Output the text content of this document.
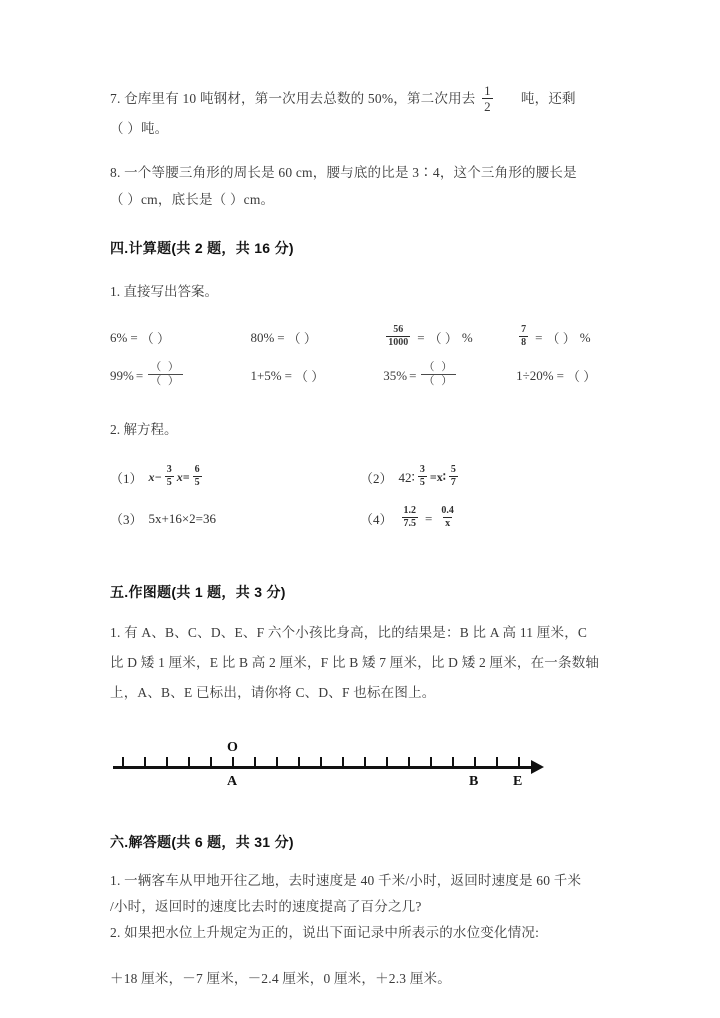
7. 仓库里有 10 吨钢材，第一次用去总数的 50%，第二次用去 $\frac{1}{2}$ 吨，还剩
（ ）吨。
8. 一个等腰三角形的周长是 60 cm，腰与底的比是 3∶4，这个三角形的腰长是
（ ）cm，底长是（ ）cm。
四.计算题(共 2 题，共 16 分)
1. 直接写出答案。
6% = （ ）	80% = （ ）	$\frac{56}{1000}$ = （ ） %	$\frac{7}{8}$ = （ ） %
$99\% = \frac{( )}{( )}$	1+5% = （ ）	$35\% = \frac{( )}{( )}$	1÷20% = （ ）
2. 解方程。
（1） $x- \frac{3}{5} x= \frac{6}{5}$	（2） 42∶ $\frac{3}{5}$ =x∶ $\frac{5}{7}$
（3） 5x+16×2=36	$(4) \frac{1.2}{7.5} = \frac{0.4}{x}$
五.作图题(共 1 题，共 3 分)
1. 有 A、B、C、D、E、F 六个小孩比身高，比的结果是：B 比 A 高 11 厘米，C
比 D 矮 1 厘米，E 比 B 高 2 厘米，F 比 B 矮 7 厘米，比 D 矮 2 厘米，在一条数轴
上，A、B、E 已标出，请你将 C、D、F 也标在图上。
O
A	B E
六.解答题(共 6 题，共 31 分)
1. 一辆客车从甲地开往乙地，去时速度是 40 千米/小时，返回时速度是 60 千米
/小时，返回时的速度比去时的速度提高了百分之几?
2. 如果把水位上升规定为正的，说出下面记录中所表示的水位变化情况:
＋18 厘米，－7 厘米，－2.4 厘米，0 厘米，＋2.3 厘米。
